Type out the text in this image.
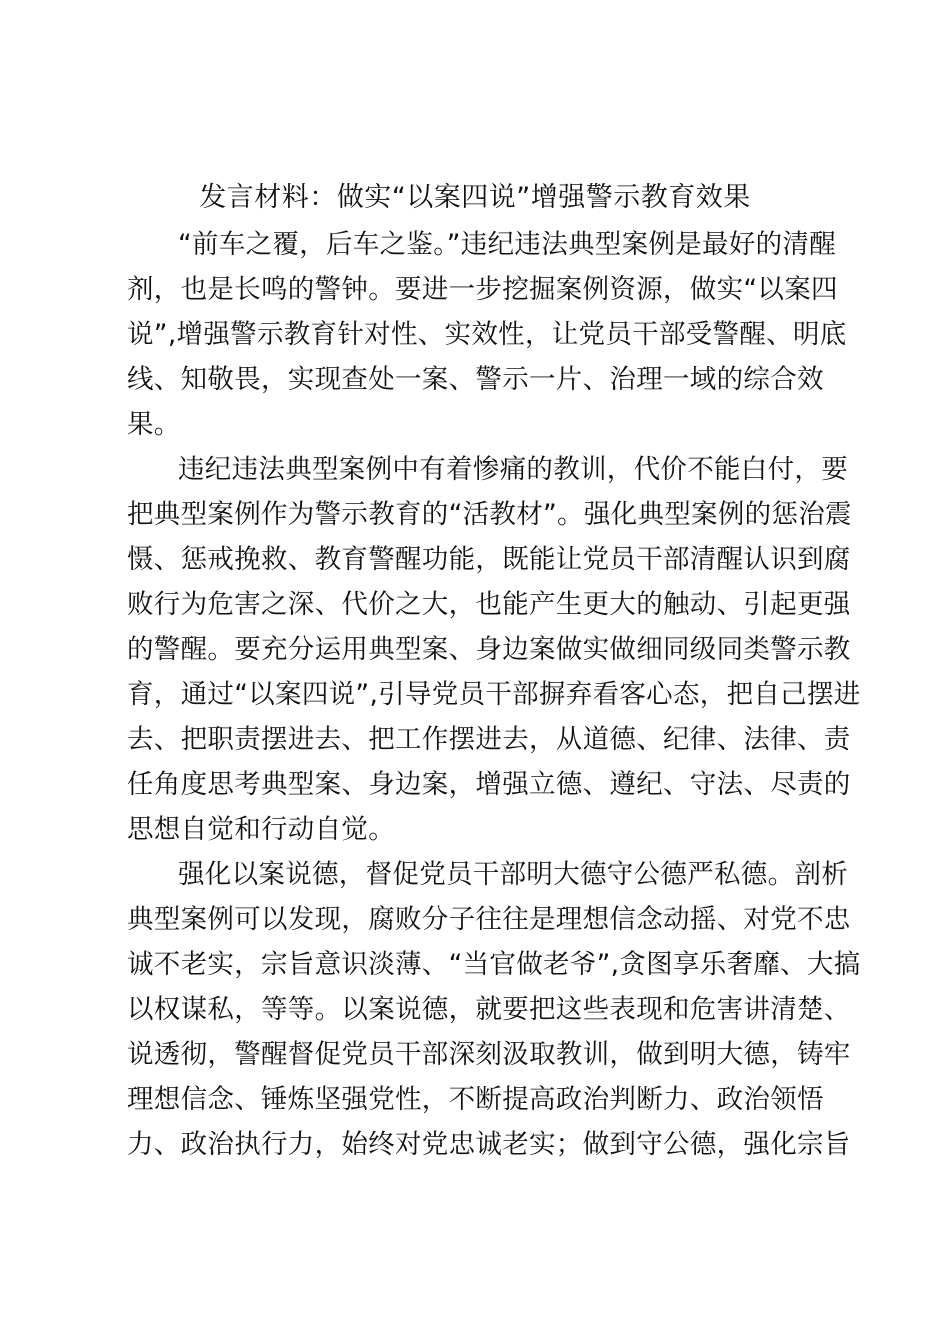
发言材料：做实“以案四说”增强警示教育效果
“前车之覆，后车之鉴。”违纪违法典型案例是最好的清醒
剂，也是长鸣的警钟。要进一步挖掘案例资源，做实“以案四
说”,增强警示教育针对性、实效性，让党员干部受警醒、明底
线、知敬畏，实现查处一案、警示一片、治理一域的综合效
果。
违纪违法典型案例中有着惨痛的教训，代价不能白付，要
把典型案例作为警示教育的“活教材”。强化典型案例的惩治震
慑、惩戒挽救、教育警醒功能，既能让党员干部清醒认识到腐
败行为危害之深、代价之大，也能产生更大的触动、引起更强
的警醒。要充分运用典型案、身边案做实做细同级同类警示教
育，通过“以案四说”,引导党员干部摒弃看客心态，把自己摆进
去、把职责摆进去、把工作摆进去，从道德、纪律、法律、责
任角度思考典型案、身边案，增强立德、遵纪、守法、尽责的
思想自觉和行动自觉。
强化以案说德，督促党员干部明大德守公德严私德。剖析
典型案例可以发现，腐败分子往往是理想信念动摇、对党不忠
诚不老实，宗旨意识淡薄、“当官做老爷”,贪图享乐奢靡、大搞
以权谋私，等等。以案说德，就要把这些表现和危害讲清楚、
说透彻，警醒督促党员干部深刻汲取教训，做到明大德，铸牢
理想信念、锤炼坚强党性，不断提高政治判断力、政治领悟
力、政治执行力，始终对党忠诚老实；做到守公德，强化宗旨
